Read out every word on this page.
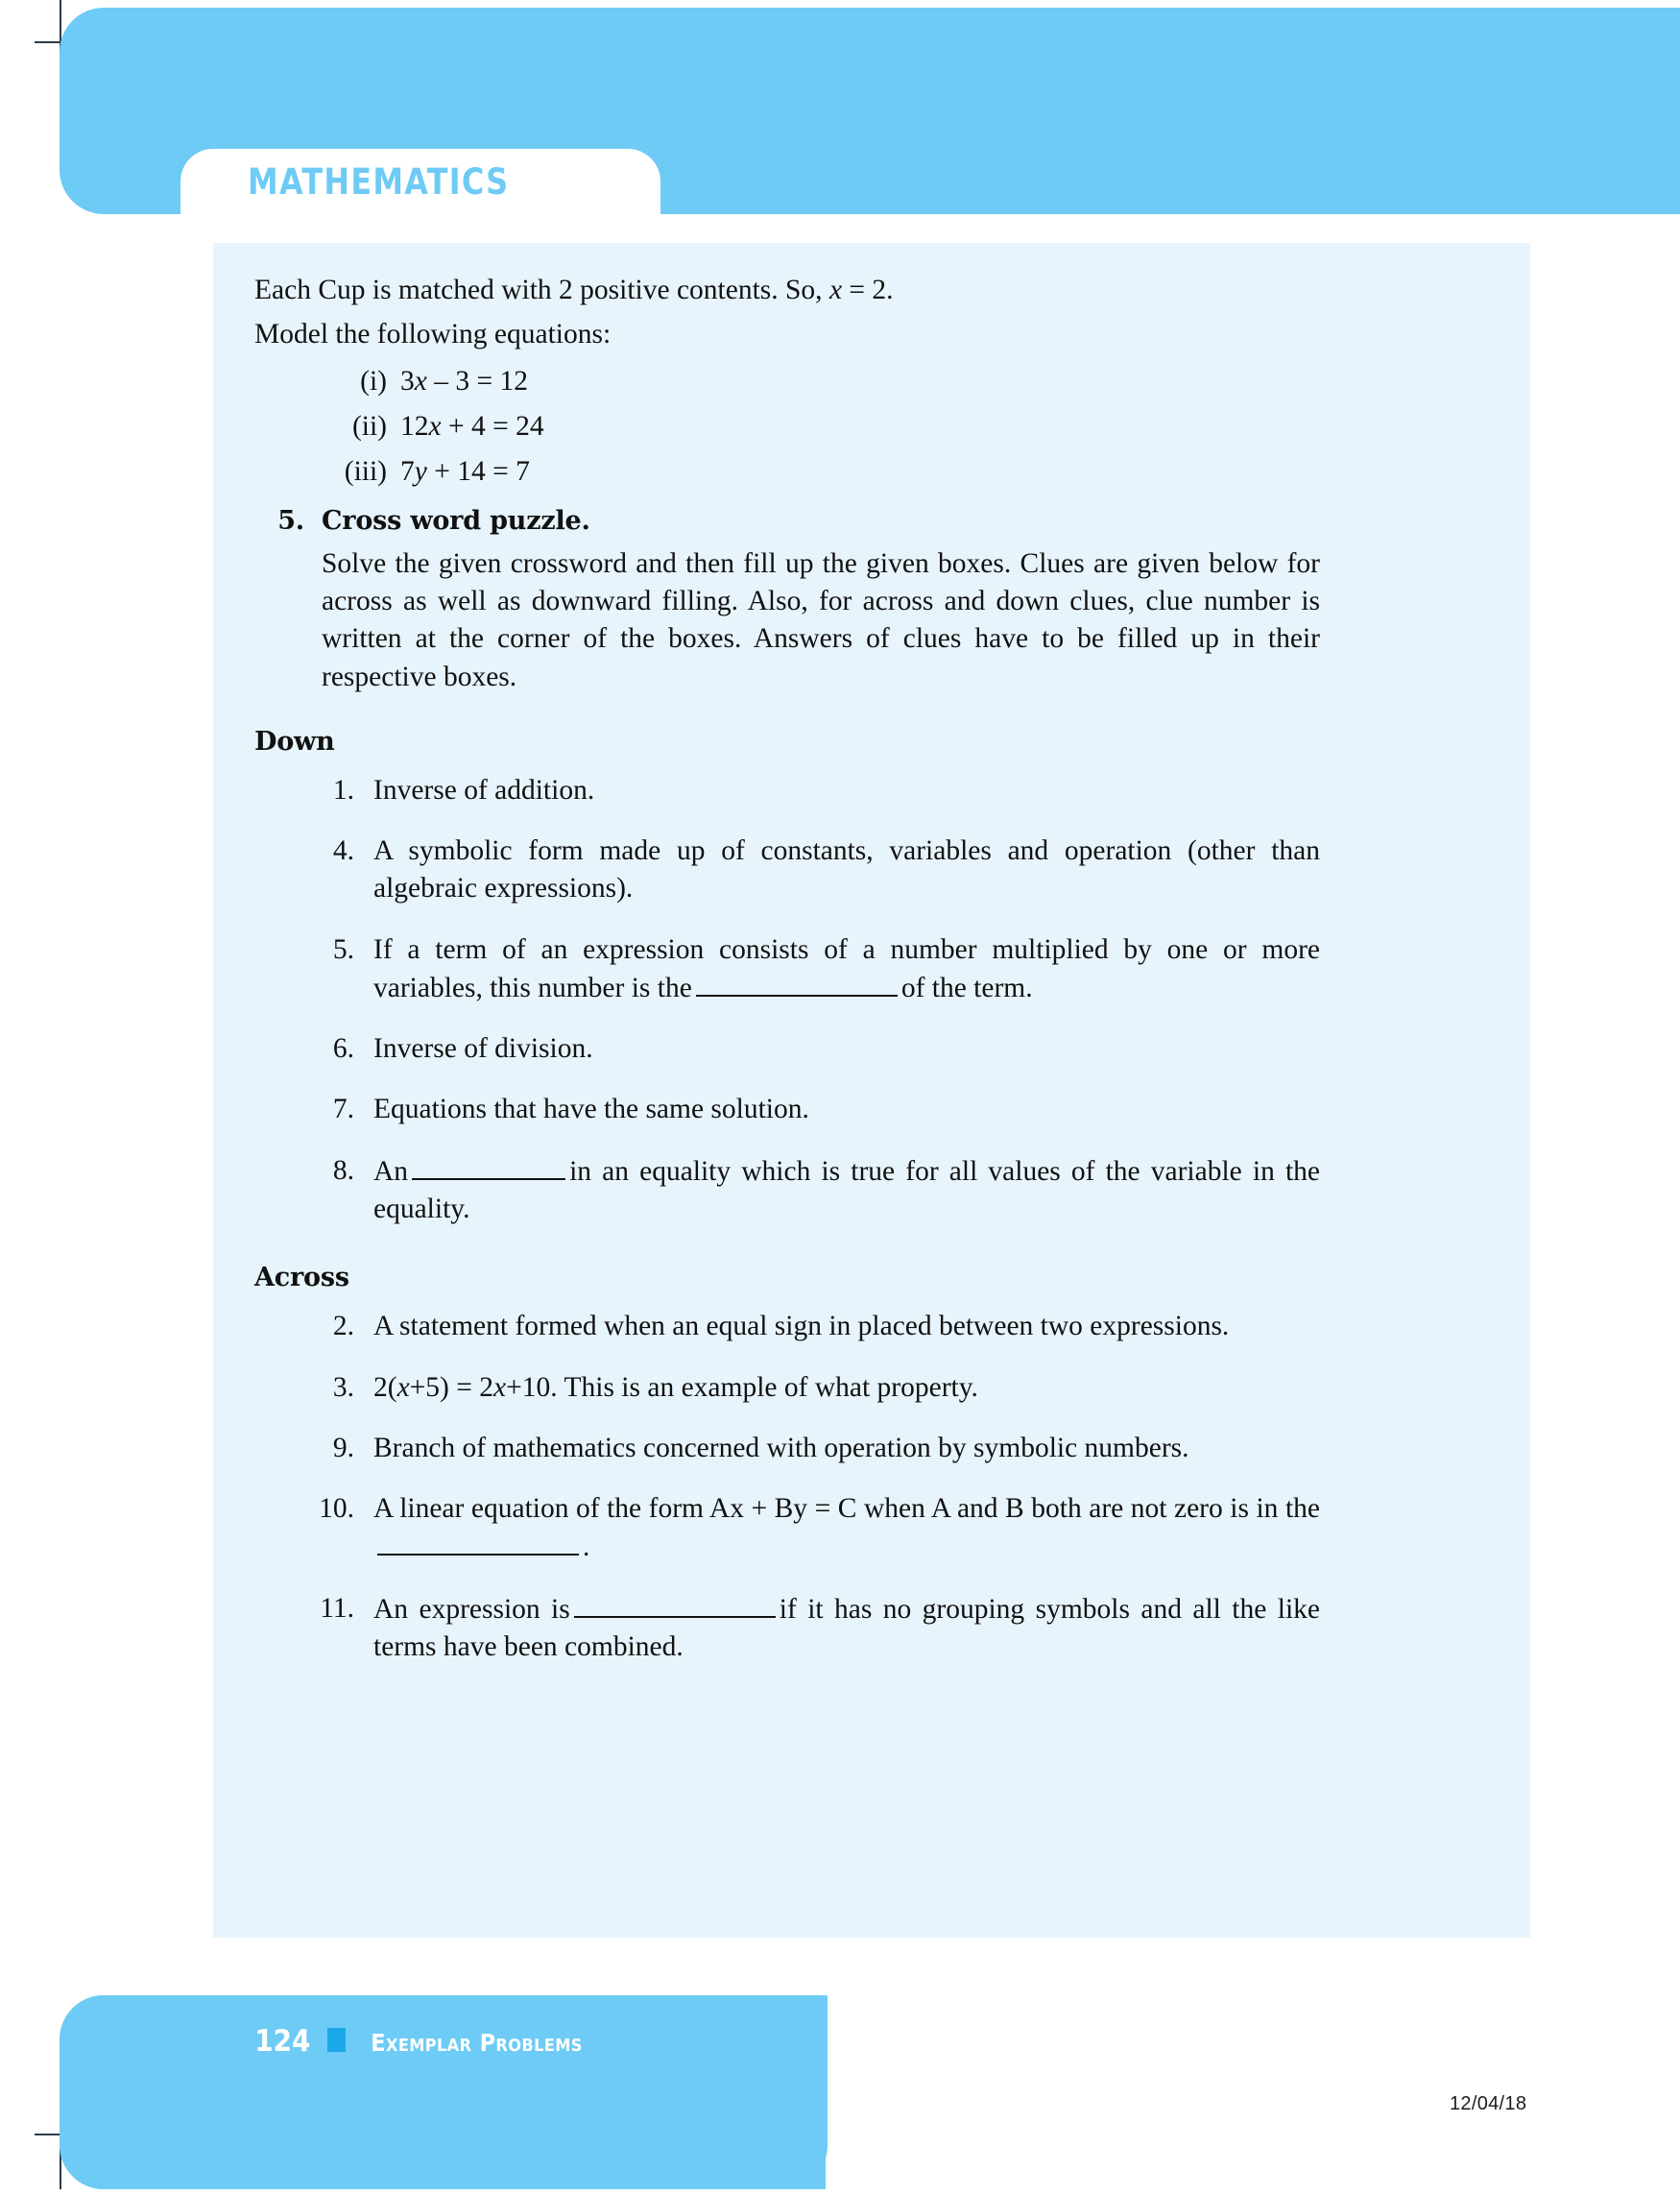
MATHEMATICS

Each Cup is matched with 2 positive contents. So, x = 2.

Model the following equations:

(i) 3x – 3 = 12
(ii) 12x + 4 = 24
(iii) 7y + 14 = 7
5. Cross word puzzle.

Solve the given crossword and then fill up the given boxes. Clues are given below for across as well as downward filling. Also, for across and down clues, clue number is written at the corner of the boxes. Answers of clues have to be filled up in their respective boxes.

Down
1. Inverse of addition.
4. A symbolic form made up of constants, variables and operation (other than algebraic expressions).
5. If a term of an expression consists of a number multiplied by one or more variables, this number is the	of the term.
6. Inverse of division.
7. Equations that have the same solution.
8. An	in an equality which is true for all values of the variable in the equality.
Across
2. A statement formed when an equal sign in placed between two expressions.
3. 2(x+5) = 2x+10. This is an example of what property.
9. Branch of mathematics concerned with operation by symbolic numbers.
10. A linear equation of the form Ax + By = C when A and B both are not zero is in the.
11. An expression is	if it has no grouping symbols and all the like terms have been combined.
124 Exemplar Problems
12/04/18
